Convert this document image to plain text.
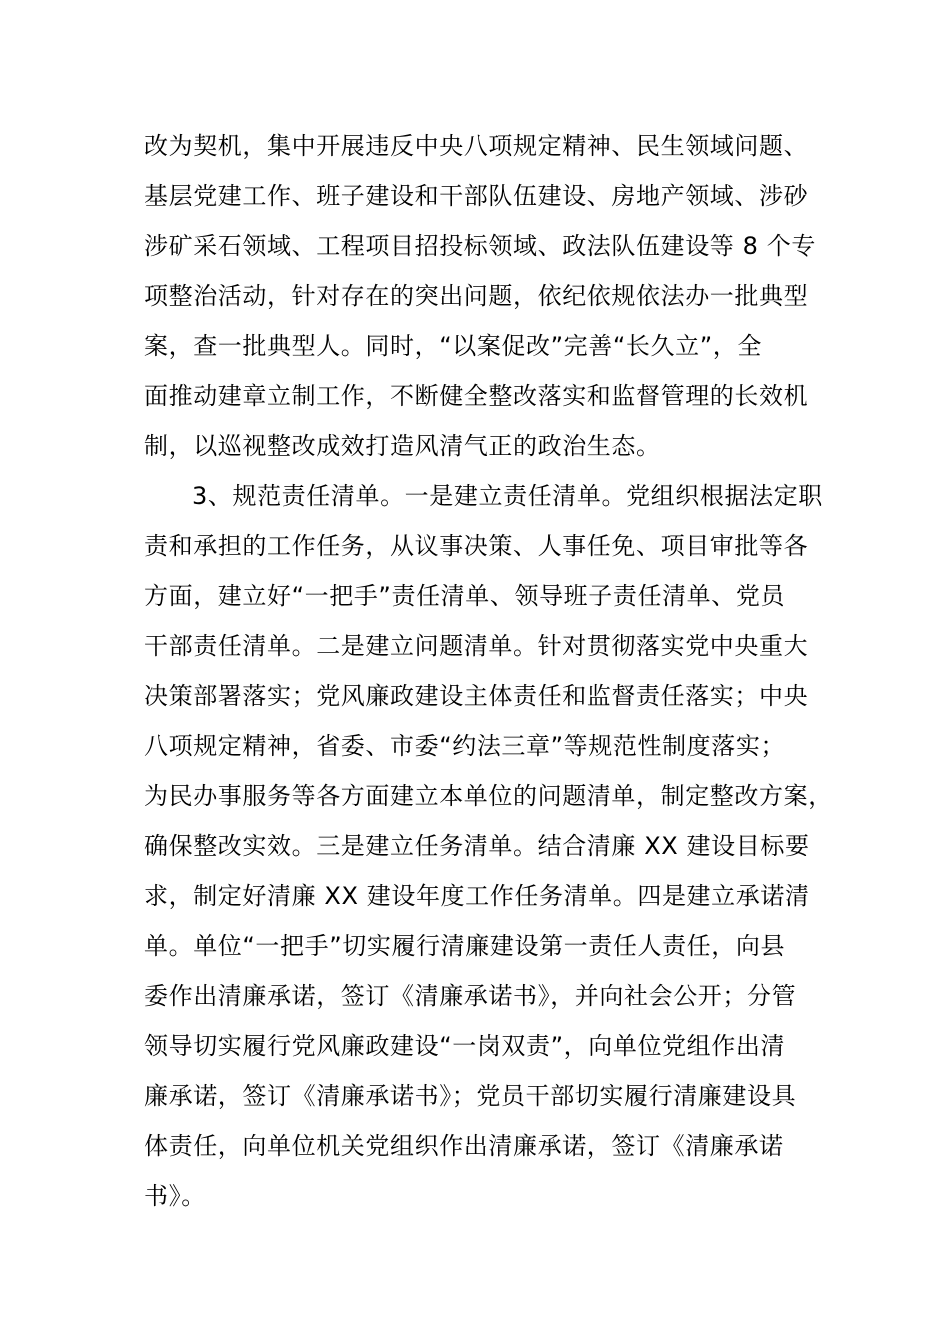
改为契机，集中开展违反中央八项规定精神、民生领域问题、
基层党建工作、班子建设和干部队伍建设、房地产领域、涉砂
涉矿采石领域、工程项目招投标领域、政法队伍建设等 8 个专
项整治活动，针对存在的突出问题，依纪依规依法办一批典型
案，查一批典型人。同时，“以案促改”完善“长久立”，全
面推动建章立制工作，不断健全整改落实和监督管理的长效机
制，以巡视整改成效打造风清气正的政治生态。
3、规范责任清单。一是建立责任清单。党组织根据法定职
责和承担的工作任务，从议事决策、人事任免、项目审批等各
方面，建立好“一把手”责任清单、领导班子责任清单、党员
干部责任清单。二是建立问题清单。针对贯彻落实党中央重大
决策部署落实；党风廉政建设主体责任和监督责任落实；中央
八项规定精神，省委、市委“约法三章”等规范性制度落实；
为民办事服务等各方面建立本单位的问题清单，制定整改方案，
确保整改实效。三是建立任务清单。结合清廉 XX 建设目标要
求，制定好清廉 XX 建设年度工作任务清单。四是建立承诺清
单。单位“一把手”切实履行清廉建设第一责任人责任，向县
委作出清廉承诺，签订《清廉承诺书》，并向社会公开；分管
领导切实履行党风廉政建设“一岗双责”，向单位党组作出清
廉承诺，签订《清廉承诺书》；党员干部切实履行清廉建设具
体责任，向单位机关党组织作出清廉承诺，签订《清廉承诺
书》。
